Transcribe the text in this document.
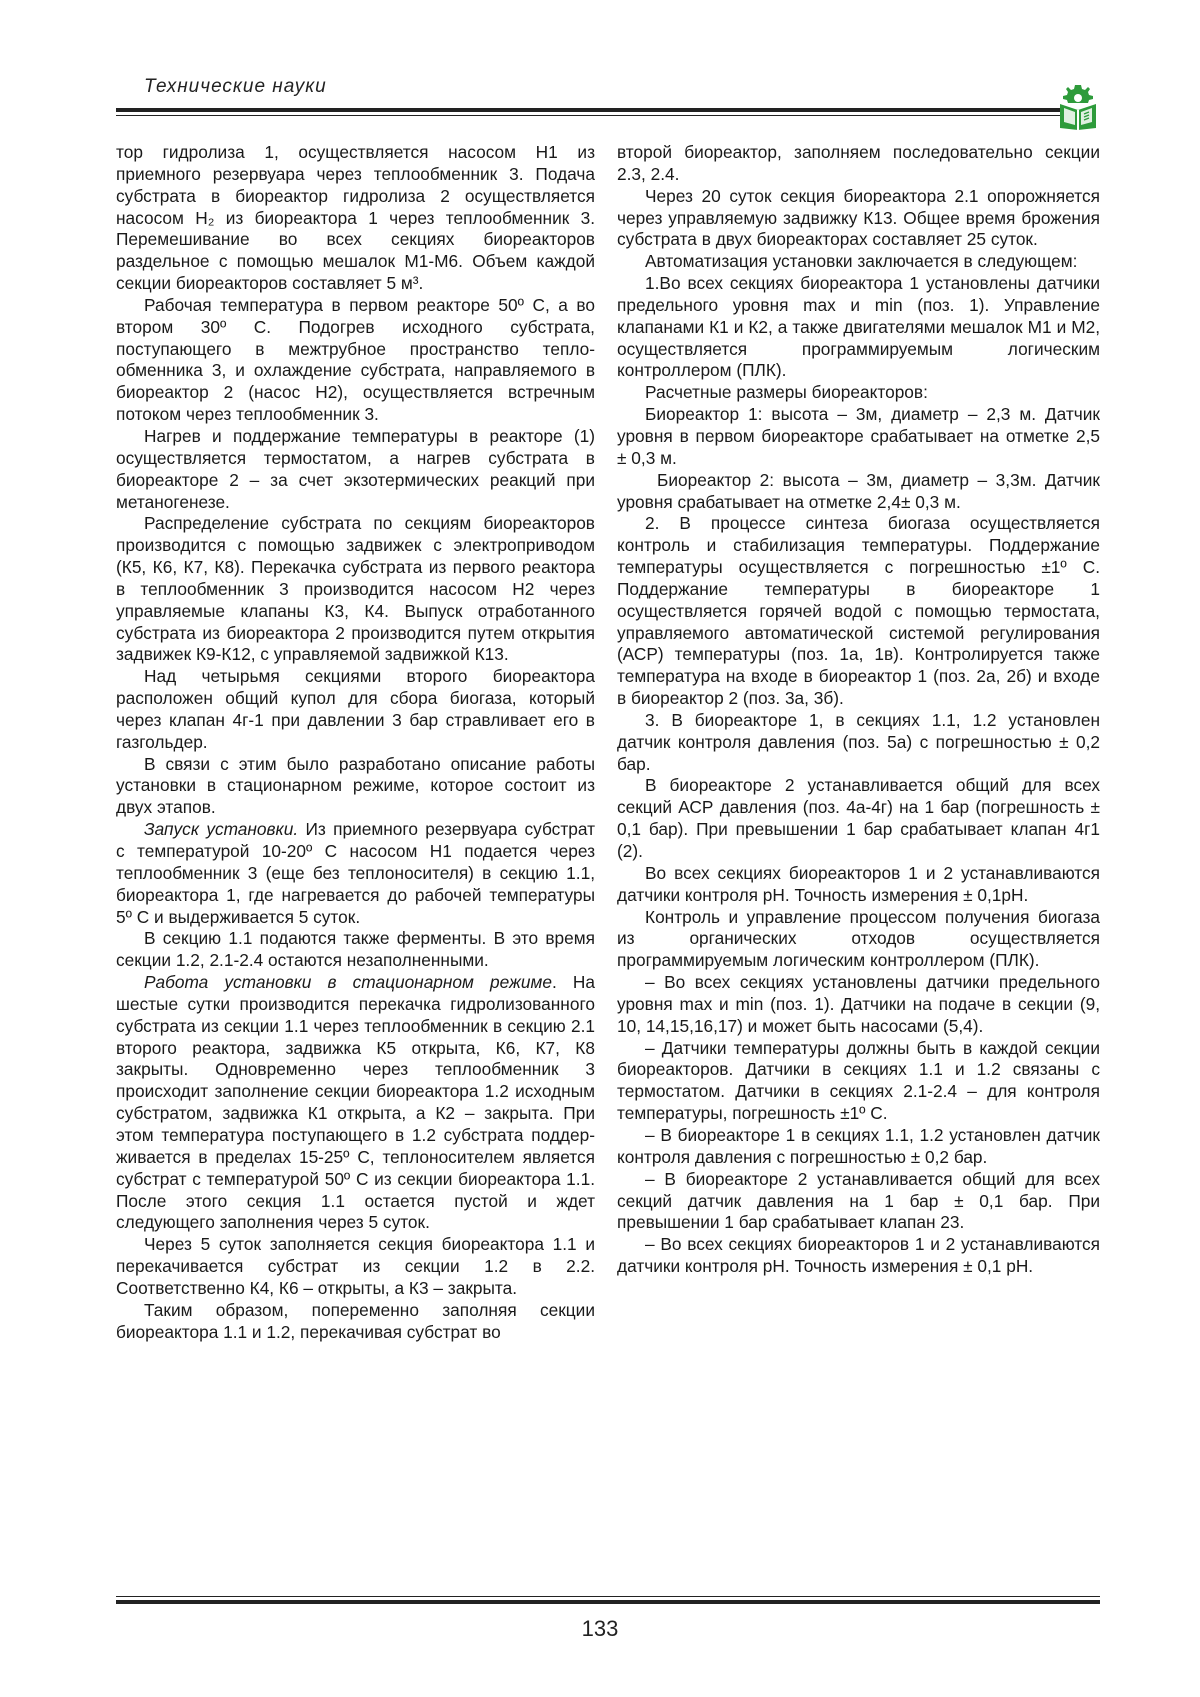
Технические науки

тор гидролиза 1, осуществляется насосом Н1 из приемного резервуара через теплообменник 3. Подача субстрата в биореактор гидролиза 2 осуществляется насосом Н₂ из биореактора 1 через теплообменник 3. Перемешивание во всех секциях биореакторов раздельное с помощью мешалок М1-М6. Объем каждой секции биореакторов составляет 5 м³.

Рабочая температура в первом реакторе 50º С, а во втором 30º С. Подогрев исходного субстрата, поступающего в межтрубное пространство теплообменника 3, и охлаждение субстрата, направляемого в биореактор 2 (насос Н2), осуществляется встречным потоком через теплообменник 3.

Нагрев и поддержание температуры в реакторе (1) осуществляется термостатом, а нагрев субстрата в биореакторе 2 – за счет экзотермических реакций при метаногенезе.

Распределение субстрата по секциям биореакторов производится с помощью задвижек с электроприводом (К5, К6, К7, К8). Перекачка субстрата из первого реактора в теплообменник 3 производится насосом Н2 через управляемые клапаны К3, К4. Выпуск отработанного субстрата из биореактора 2 производится путем открытия задвижек К9-К12, с управляемой задвижкой К13.

Над четырьмя секциями второго биореактора расположен общий купол для сбора биогаза, который через клапан 4г-1 при давлении 3 бар стравливает его в газгольдер.

В связи с этим было разработано описание работы установки в стационарном режиме, которое состоит из двух этапов.

Запуск установки. Из приемного резервуара субстрат с температурой 10-20º С насосом Н1 подается через теплообменник 3 (еще без теплоносителя) в секцию 1.1, биореактора 1, где нагревается до рабочей температуры 5º С и выдерживается 5 суток.

В секцию 1.1 подаются также ферменты. В это время секции 1.2, 2.1-2.4 остаются незаполненными.

Работа установки в стационарном режиме. На шестые сутки производится перекачка гидролизованного субстрата из секции 1.1 через теплообменник в секцию 2.1 второго реактора, задвижка К5 открыта, К6, К7, К8 закрыты. Одновременно через теплообменник 3 происходит заполнение секции биореактора 1.2 исходным субстратом, задвижка К1 открыта, а К2 – закрыта. При этом температура поступающего в 1.2 субстрата поддерживается в пределах 15-25º С, теплоносителем является субстрат с температурой 50º С из секции биореактора 1.1. После этого секция 1.1 остается пустой и ждет следующего заполнения через 5 суток.

Через 5 суток заполняется секция биореактора 1.1 и перекачивается субстрат из секции 1.2 в 2.2. Соответственно К4, К6 – открыты, а К3 – закрыта.

Таким образом, попеременно заполняя секции биореактора 1.1 и 1.2, перекачивая субстрат во

второй биореактор, заполняем последовательно секции 2.3, 2.4.

Через 20 суток секция биореактора 2.1 опорожняется через управляемую задвижку К13. Общее время брожения субстрата в двух биореакторах составляет 25 суток.

Автоматизация установки заключается в следующем:

1.Во всех секциях биореактора 1 установлены датчики предельного уровня max и min (поз. 1). Управление клапанами К1 и К2, а также двигателями мешалок М1 и М2, осуществляется программируемым логическим контроллером (ПЛК).

Расчетные размеры биореакторов:

Биореактор 1: высота – 3м, диаметр – 2,3 м. Датчик уровня в первом биореакторе срабатывает на отметке 2,5 ± 0,3 м.

Биореактор 2: высота – 3м, диаметр – 3,3м. Датчик уровня срабатывает на отметке 2,4± 0,3 м.

2. В процессе синтеза биогаза осуществляется контроль и стабилизация температуры. Поддержание температуры осуществляется с погрешностью ±1º С. Поддержание температуры в биореакторе 1 осуществляется горячей водой с помощью термостата, управляемого автоматической системой регулирования (АСР) температуры (поз. 1а, 1в). Контролируется также температура на входе в биореактор 1 (поз. 2а, 2б) и входе в биореактор 2 (поз. 3а, 3б).

3. В биореакторе 1, в секциях 1.1, 1.2 установлен датчик контроля давления (поз. 5а) с погрешностью ± 0,2 бар.

В биореакторе 2 устанавливается общий для всех секций АСР давления (поз. 4а-4г) на 1 бар (погрешность ± 0,1 бар). При превышении 1 бар срабатывает клапан 4г1 (2).

Во всех секциях биореакторов 1 и 2 устанавливаются датчики контроля pH. Точность измерения ± 0,1pH.

Контроль и управление процессом получения биогаза из органических отходов осуществляется программируемым логическим контроллером (ПЛК).

– Во всех секциях установлены датчики предельного уровня max и min (поз. 1). Датчики на подаче в секции (9, 10, 14,15,16,17) и может быть насосами (5,4).

– Датчики температуры должны быть в каждой секции биореакторов. Датчики в секциях 1.1 и 1.2 связаны с термостатом. Датчики в секциях 2.1-2.4 – для контроля температуры, погрешность ±1º С.

– В биореакторе 1 в секциях 1.1, 1.2 установлен датчик контроля давления с погрешностью ± 0,2 бар.

– В биореакторе 2 устанавливается общий для всех секций датчик давления на 1 бар ± 0,1 бар. При превышении 1 бар срабатывает клапан 23.

– Во всех секциях биореакторов 1 и 2 устанавливаются датчики контроля pH. Точность измерения ± 0,1 pH.

133
